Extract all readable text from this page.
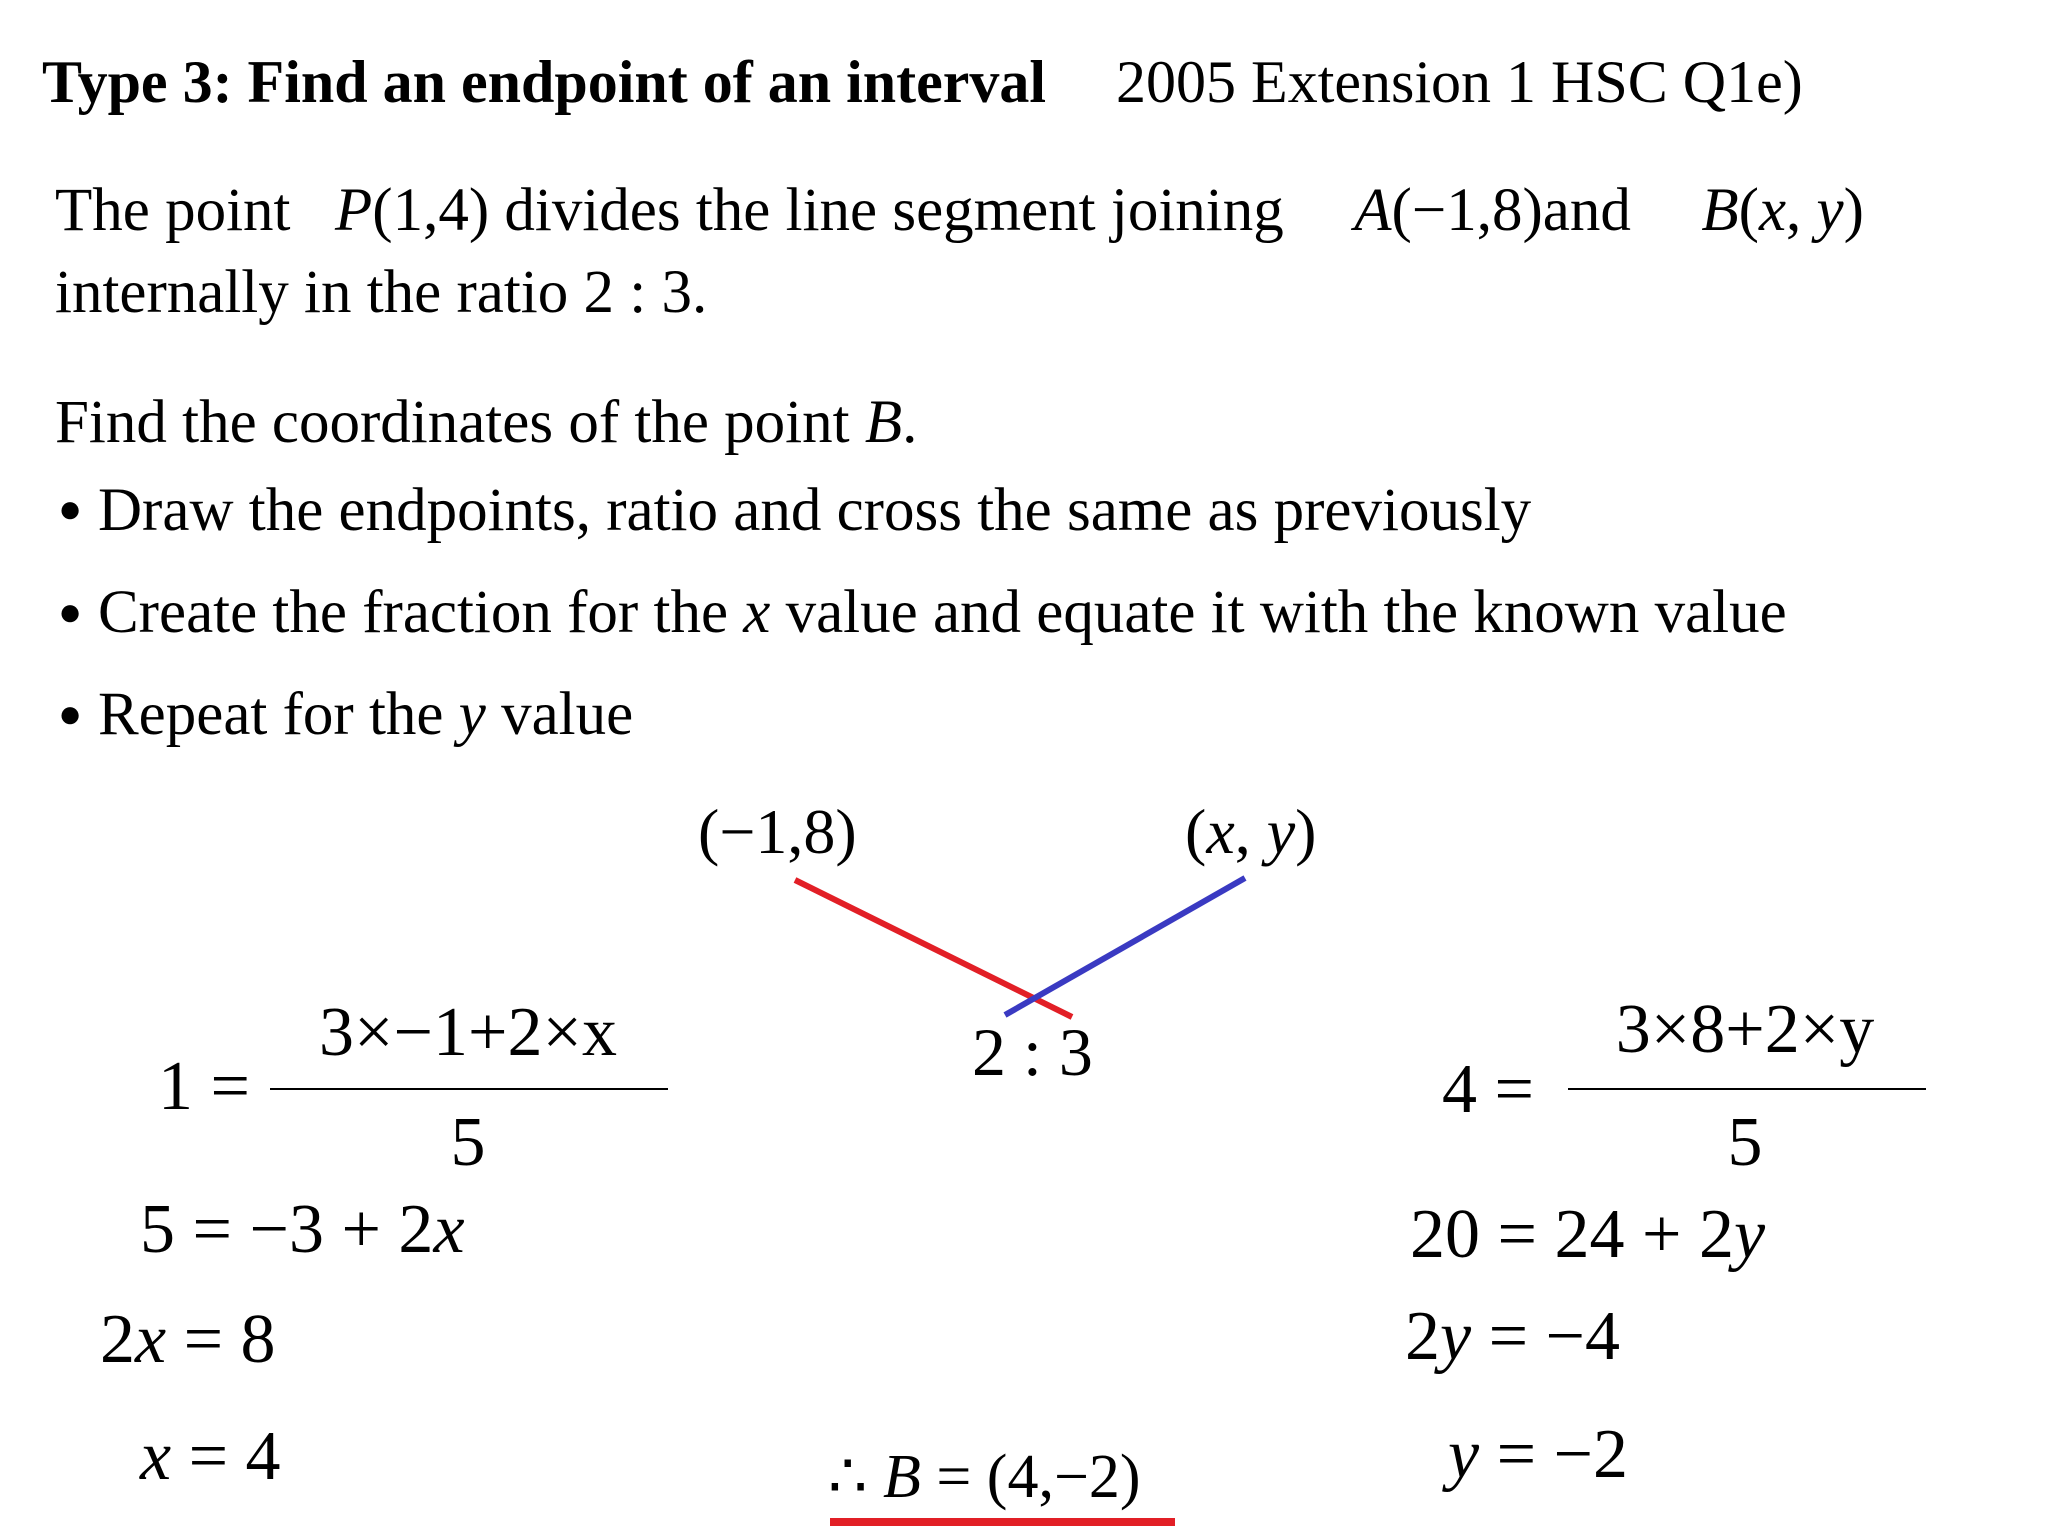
Type 3: Find an endpoint of an interval 2005 Extension 1 HSC Q1e)
The point P(1,4) divides the line segment joining A(−1,8)and B(x, y)
internally in the ratio 2 : 3.
Find the coordinates of the point B.
● Draw the endpoints, ratio and cross the same as previously
● Create the fraction for the x value and equate it with the known value
● Repeat for the y value
(−1,8)	(x, y)
2 : 3
1 =
3×−1+2×x
5
5 = −3 + 2x
2x = 8
x = 4
4 =
3×8+2×y
5
20 = 24 + 2y
2y = −4
y = −2
∴ B = (4,−2)
